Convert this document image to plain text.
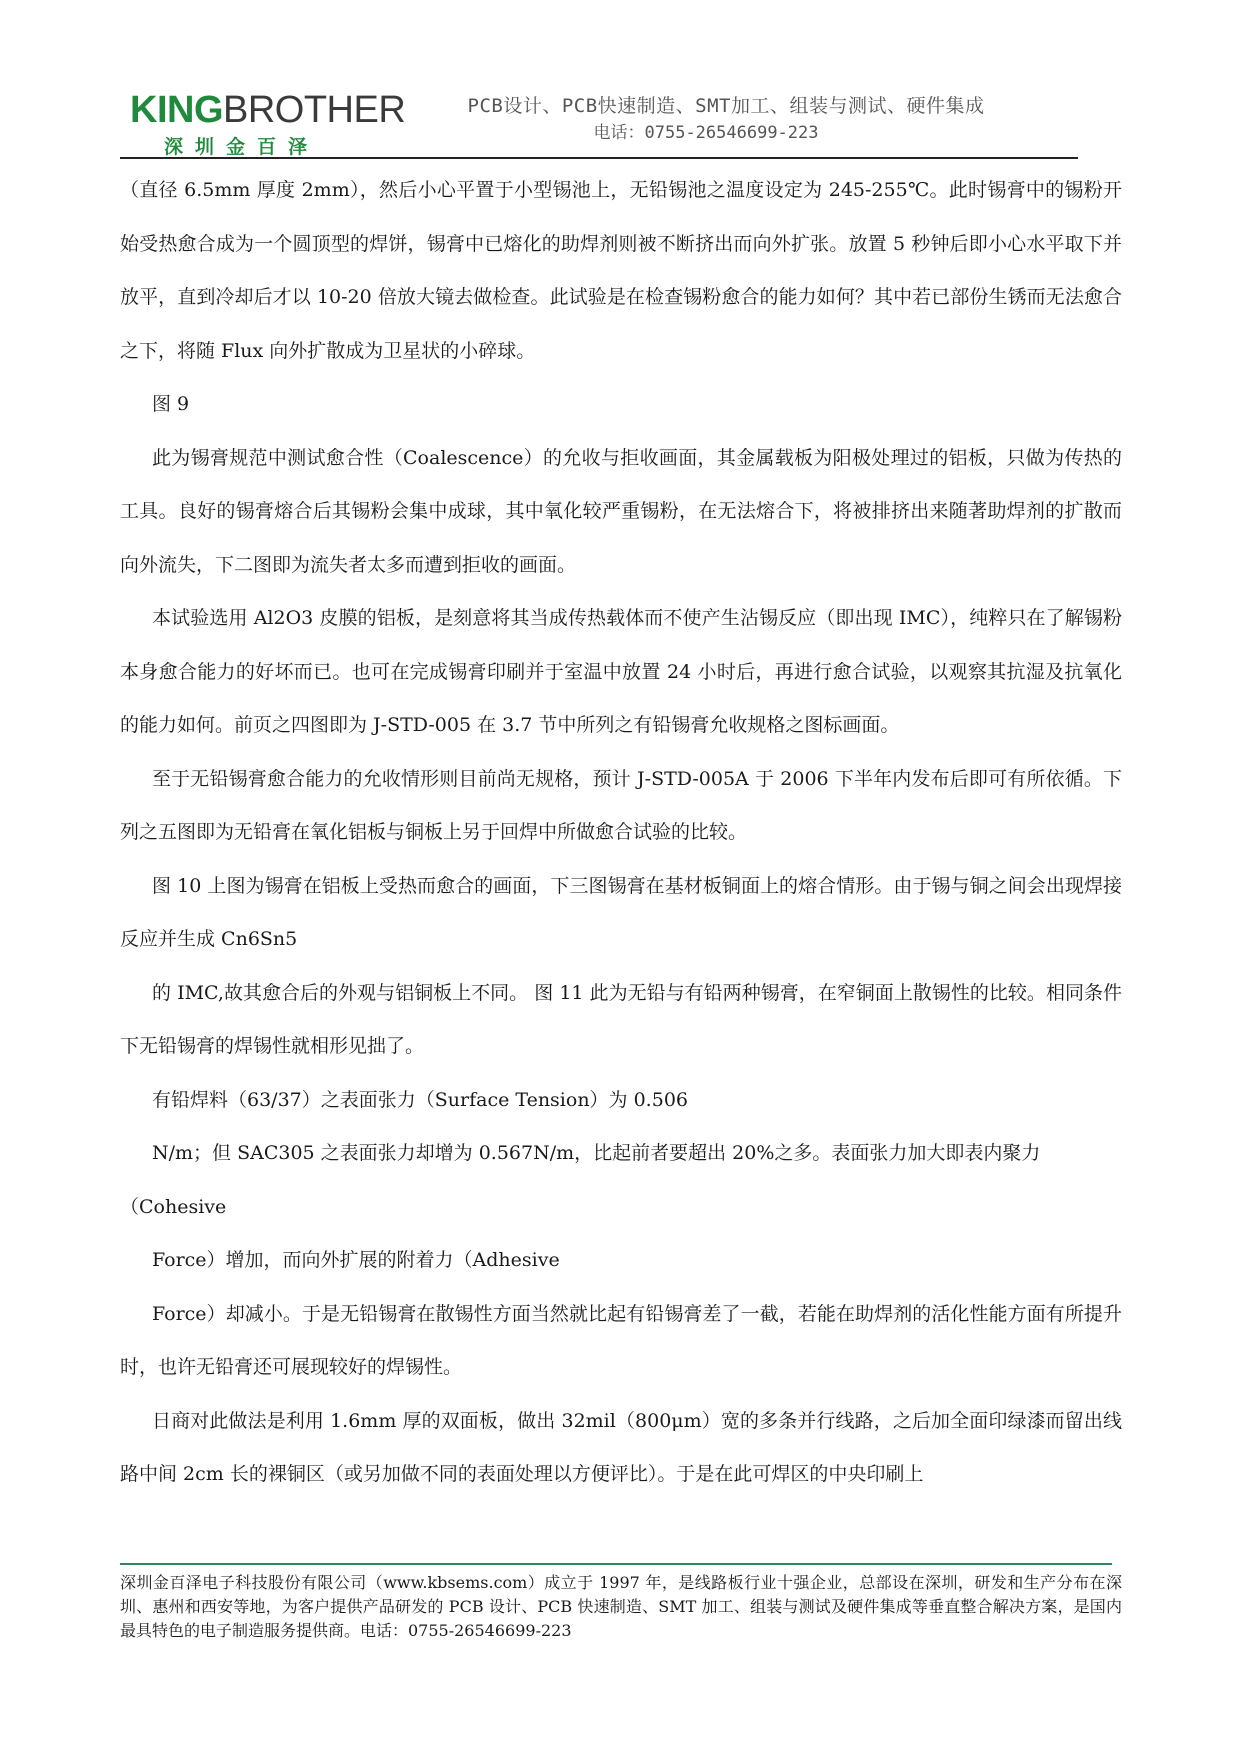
KINGBROTHER
深圳金百泽
PCB设计、PCB快速制造、SMT加工、组装与测试、硬件集成
电话：0755-26546699-223

（直径 6.5mm 厚度 2mm），然后小心平置于小型锡池上，无铅锡池之温度设定为 245-255℃。此时锡膏中的锡粉开始受热愈合成为一个圆顶型的焊饼，锡膏中已熔化的助焊剂则被不断挤出而向外扩张。放置 5 秒钟后即小心水平取下并放平，直到冷却后才以 10-20 倍放大镜去做检查。此试验是在检查锡粉愈合的能力如何？其中若已部份生锈而无法愈合之下，将随 Flux 向外扩散成为卫星状的小碎球。

图 9

此为锡膏规范中测试愈合性（Coalescence）的允收与拒收画面，其金属载板为阳极处理过的铝板，只做为传热的工具。良好的锡膏熔合后其锡粉会集中成球，其中氧化较严重锡粉，在无法熔合下，将被排挤出来随著助焊剂的扩散而向外流失，下二图即为流失者太多而遭到拒收的画面。

本试验选用 Al2O3 皮膜的铝板，是刻意将其当成传热载体而不使产生沾锡反应（即出现 IMC），纯粹只在了解锡粉本身愈合能力的好坏而已。也可在完成锡膏印刷并于室温中放置 24 小时后，再进行愈合试验，以观察其抗湿及抗氧化的能力如何。前页之四图即为 J-STD-005 在 3.7 节中所列之有铅锡膏允收规格之图标画面。

至于无铅锡膏愈合能力的允收情形则目前尚无规格，预计 J-STD-005A 于 2006 下半年内发布后即可有所依循。下列之五图即为无铅膏在氧化铝板与铜板上另于回焊中所做愈合试验的比较。

图 10 上图为锡膏在铝板上受热而愈合的画面，下三图锡膏在基材板铜面上的熔合情形。由于锡与铜之间会出现焊接反应并生成 Cn6Sn5

的 IMC,故其愈合后的外观与铝铜板上不同。 图 11 此为无铅与有铅两种锡膏，在窄铜面上散锡性的比较。相同条件下无铅锡膏的焊锡性就相形见拙了。

有铅焊料（63/37）之表面张力（Surface Tension）为 0.506

N/m；但 SAC305 之表面张力却增为 0.567N/m，比起前者要超出 20%之多。表面张力加大即表内聚力

（Cohesive

Force）增加，而向外扩展的附着力（Adhesive

Force）却减小。于是无铅锡膏在散锡性方面当然就比起有铅锡膏差了一截，若能在助焊剂的活化性能方面有所提升时，也许无铅膏还可展现较好的焊锡性。

日商对此做法是利用 1.6mm 厚的双面板，做出 32mil（800μm）宽的多条并行线路，之后加全面印绿漆而留出线路中间 2cm 长的裸铜区（或另加做不同的表面处理以方便评比）。于是在此可焊区的中央印刷上

深圳金百泽电子科技股份有限公司（www.kbsems.com）成立于 1997 年，是线路板行业十强企业，总部设在深圳，研发和生产分布在深圳、惠州和西安等地，为客户提供产品研发的 PCB 设计、PCB 快速制造、SMT 加工、组装与测试及硬件集成等垂直整合解决方案，是国内最具特色的电子制造服务提供商。电话：0755-26546699-223
